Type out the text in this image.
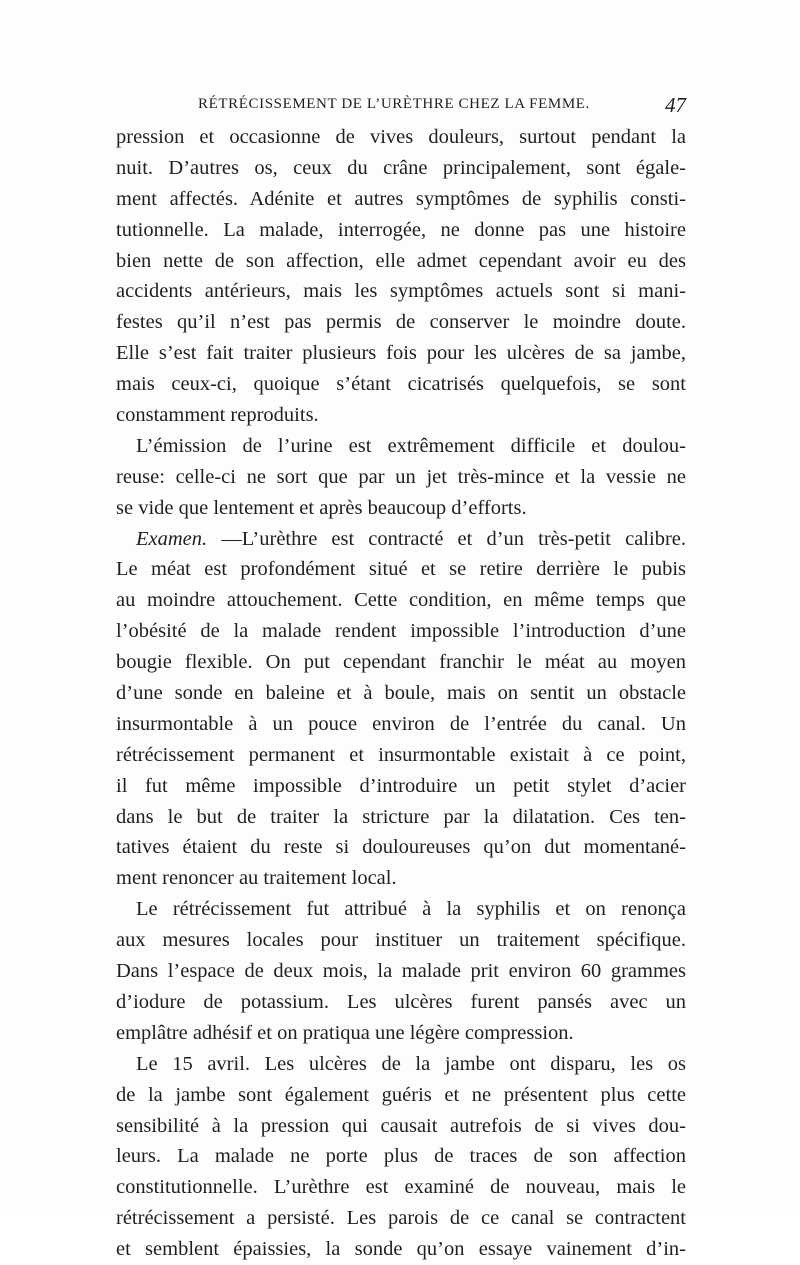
RÉTRÉCISSEMENT DE L’URÈTHRE CHEZ LA FEMME.	47
pression et occasionne de vives douleurs, surtout pendant la
nuit. D’autres os, ceux du crâne principalement, sont égale-
ment affectés. Adénite et autres symptômes de syphilis consti-
tutionnelle. La malade, interrogée, ne donne pas une histoire
bien nette de son affection, elle admet cependant avoir eu des
accidents antérieurs, mais les symptômes actuels sont si mani-
festes qu’il n’est pas permis de conserver le moindre doute.
Elle s’est fait traiter plusieurs fois pour les ulcères de sa jambe,
mais ceux-ci, quoique s’étant cicatrisés quelquefois, se sont
constamment reproduits.
L’émission de l’urine est extrêmement difficile et doulou-
reuse: celle-ci ne sort que par un jet très-mince et la vessie ne
se vide que lentement et après beaucoup d’efforts.
Examen. —L’urèthre est contracté et d’un très-petit calibre.
Le méat est profondément situé et se retire derrière le pubis
au moindre attouchement. Cette condition, en même temps que
l’obésité de la malade rendent impossible l’introduction d’une
bougie flexible. On put cependant franchir le méat au moyen
d’une sonde en baleine et à boule, mais on sentit un obstacle
insurmontable à un pouce environ de l’entrée du canal. Un
rétrécissement permanent et insurmontable existait à ce point,
il fut même impossible d’introduire un petit stylet d’acier
dans le but de traiter la stricture par la dilatation. Ces ten-
tatives étaient du reste si douloureuses qu’on dut momentané-
ment renoncer au traitement local.
Le rétrécissement fut attribué à la syphilis et on renonça
aux mesures locales pour instituer un traitement spécifique.
Dans l’espace de deux mois, la malade prit environ 60 grammes
d’iodure de potassium. Les ulcères furent pansés avec un
emplâtre adhésif et on pratiqua une légère compression.
Le 15 avril. Les ulcères de la jambe ont disparu, les os
de la jambe sont également guéris et ne présentent plus cette
sensibilité à la pression qui causait autrefois de si vives dou-
leurs. La malade ne porte plus de traces de son affection
constitutionnelle. L’urèthre est examiné de nouveau, mais le
rétrécissement a persisté. Les parois de ce canal se contractent
et semblent épaissies, la sonde qu’on essaye vainement d’in-
